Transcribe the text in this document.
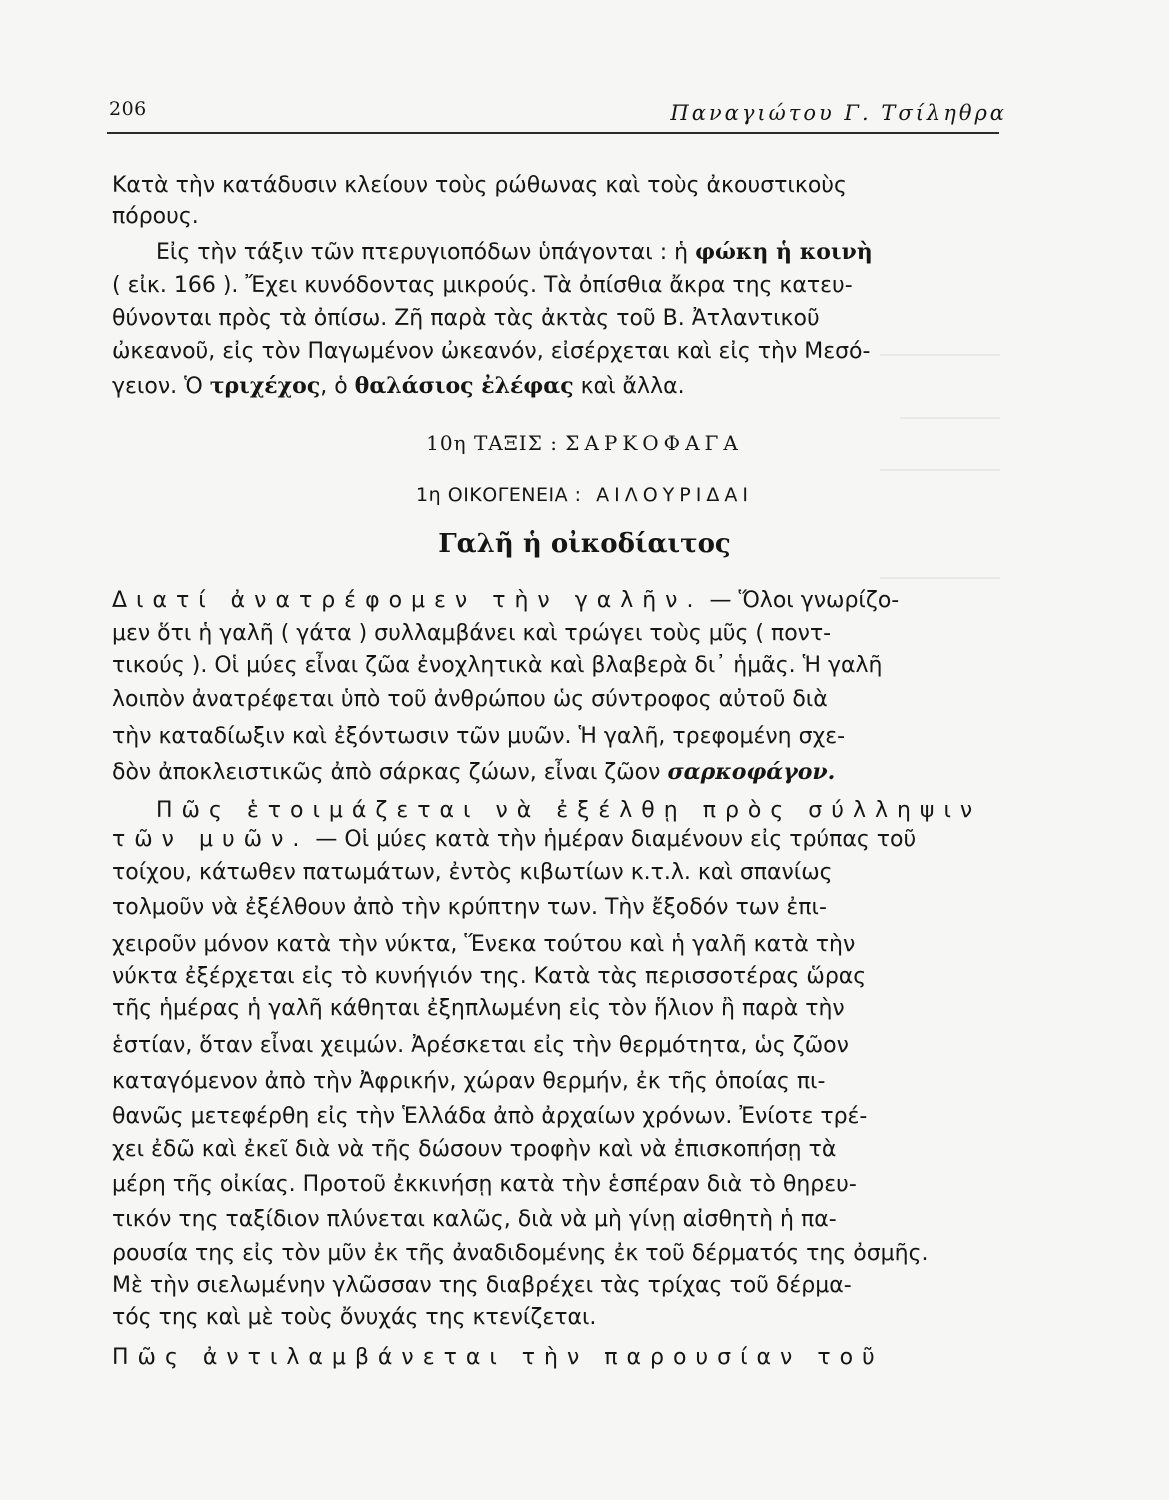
206	Παναγιώτου Γ. Τσίληθρα
Κατὰ τὴν κατάδυσιν κλείουν τοὺς ρώθωνας καὶ τοὺς ἀκουστικοὺς
πόρους.
Εἰς τὴν τάξιν τῶν πτερυγιοπόδων ὑπάγονται : ἡ φώκη ἡ κοινὴ
( εἰκ. 166 ). Ἔχει κυνόδοντας μικρούς. Τὰ ὀπίσθια ἄκρα της κατευ-
θύνονται πρὸς τὰ ὀπίσω. Ζῆ παρὰ τὰς ἀκτὰς τοῦ Β. Ἀτλαντικοῦ
ὠκεανοῦ, εἰς τὸν Παγωμένον ὠκεανόν, εἰσέρχεται καὶ εἰς τὴν Μεσό-
γειον. Ὁ τριχέχος, ὁ θαλάσιος ἐλέφας καὶ ἄλλα.
10η ΤΑΞΙΣ : ΣΑΡΚΟΦΑΓΑ
1η ΟΙΚΟΓΕΝΕΙΑ : ΑΙΛΟΥΡΙΔΑΙ
Γαλῆ ἡ οἰκοδίαιτος
Διατί ἀνατρέφομεν τὴν γαλῆν. — Ὅλοι γνωρίζο-
μεν ὅτι ἡ γαλῆ ( γάτα ) συλλαμβάνει καὶ τρώγει τοὺς μῦς ( ποντ-
τικούς ). Οἱ μύες εἶναι ζῶα ἐνοχλητικὰ καὶ βλαβερὰ δι᾿ ἡμᾶς. Ἡ γαλῆ
λοιπὸν ἀνατρέφεται ὑπὸ τοῦ ἀνθρώπου ὡς σύντροφος αὐτοῦ διὰ
τὴν καταδίωξιν καὶ ἐξόντωσιν τῶν μυῶν. Ἡ γαλῆ, τρεφομένη σχε-
δὸν ἀποκλειστικῶς ἀπὸ σάρκας ζώων, εἶναι ζῶον σαρκοφάγον.
Πῶς ἑτοιμάζεται νὰ ἐξέλθῃ πρὸς σύλληψιν
τῶν μυῶν. — Οἱ μύες κατὰ τὴν ἡμέραν διαμένουν εἰς τρύπας τοῦ
τοίχου, κάτωθεν πατωμάτων, ἐντὸς κιβωτίων κ.τ.λ. καὶ σπανίως
τολμοῦν νὰ ἐξέλθουν ἀπὸ τὴν κρύπτην των. Τὴν ἔξοδόν των ἐπι-
χειροῦν μόνον κατὰ τὴν νύκτα, Ἕνεκα τούτου καὶ ἡ γαλῆ κατὰ τὴν
νύκτα ἐξέρχεται εἰς τὸ κυνήγιόν της. Κατὰ τὰς περισσοτέρας ὥρας
τῆς ἡμέρας ἡ γαλῆ κάθηται ἐξηπλωμένη εἰς τὸν ἥλιον ἢ παρὰ τὴν
ἑστίαν, ὅταν εἶναι χειμών. Ἀρέσκεται εἰς τὴν θερμότητα, ὡς ζῶον
καταγόμενον ἀπὸ τὴν Ἀφρικήν, χώραν θερμήν, ἐκ τῆς ὁποίας πι-
θανῶς μετεφέρθη εἰς τὴν Ἑλλάδα ἀπὸ ἀρχαίων χρόνων. Ἐνίοτε τρέ-
χει ἐδῶ καὶ ἐκεῖ διὰ νὰ τῆς δώσουν τροφὴν καὶ νὰ ἐπισκοπήσῃ τὰ
μέρη τῆς οἰκίας. Προτοῦ ἐκκινήσῃ κατὰ τὴν ἑσπέραν διὰ τὸ θηρευ-
τικόν της ταξίδιον πλύνεται καλῶς, διὰ νὰ μὴ γίνῃ αἰσθητὴ ἡ πα-
ρουσία της εἰς τὸν μῦν ἐκ τῆς ἀναδιδομένης ἐκ τοῦ δέρματός της ὀσμῆς.
Μὲ τὴν σιελωμένην γλῶσσαν της διαβρέχει τὰς τρίχας τοῦ δέρμα-
τός της καὶ μὲ τοὺς ὄνυχάς της κτενίζεται.
Πῶς ἀντιλαμβάνεται τὴν παρουσίαν τοῦ
